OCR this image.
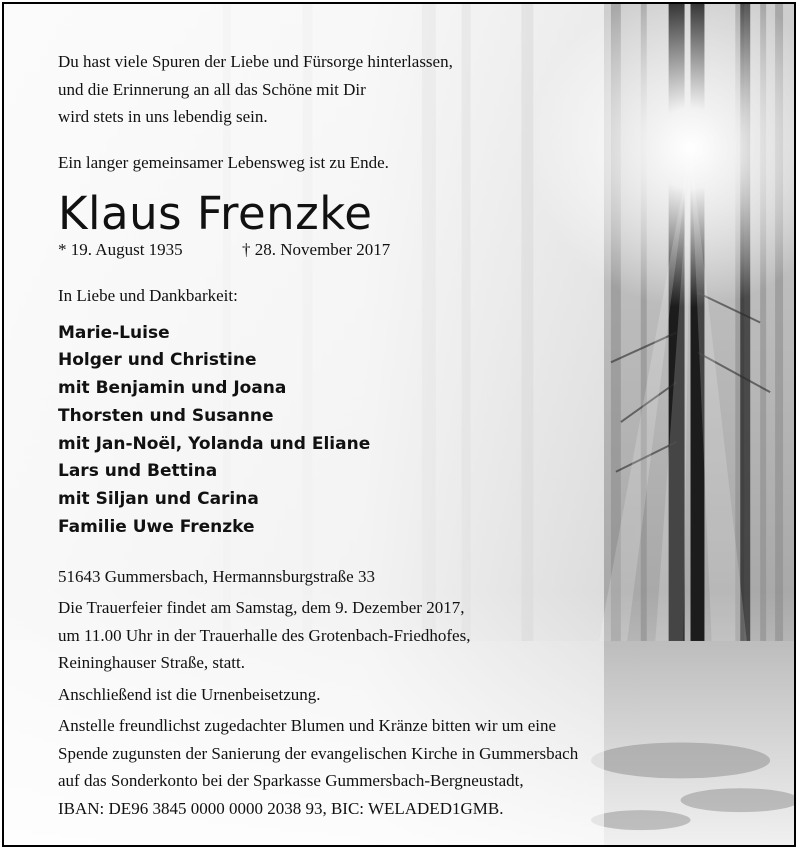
Du hast viele Spuren der Liebe und Fürsorge hinterlassen,

und die Erinnerung an all das Schöne mit Dir

wird stets in uns lebendig sein.

Ein langer gemeinsamer Lebensweg ist zu Ende.

Klaus Frenzke
* 19. August 1935	† 28. November 2017

In Liebe und Dankbarkeit:

Marie-Luise
Holger und Christine
mit Benjamin und Joana
Thorsten und Susanne
mit Jan-Noël, Yolanda und Eliane
Lars und Bettina
mit Siljan und Carina
Familie Uwe Frenzke

51643 Gummersbach, Hermannsburgstraße 33

Die Trauerfeier findet am Samstag, dem 9. Dezember 2017,

um 11.00 Uhr in der Trauerhalle des Grotenbach-Friedhofes,

Reininghauser Straße, statt.

Anschließend ist die Urnenbeisetzung.

Anstelle freundlichst zugedachter Blumen und Kränze bitten wir um eine

Spende zugunsten der Sanierung der evangelischen Kirche in Gummersbach

auf das Sonderkonto bei der Sparkasse Gummersbach-Bergneustadt,

IBAN: DE96 3845 0000 0000 2038 93, BIC: WELADED1GMB.
